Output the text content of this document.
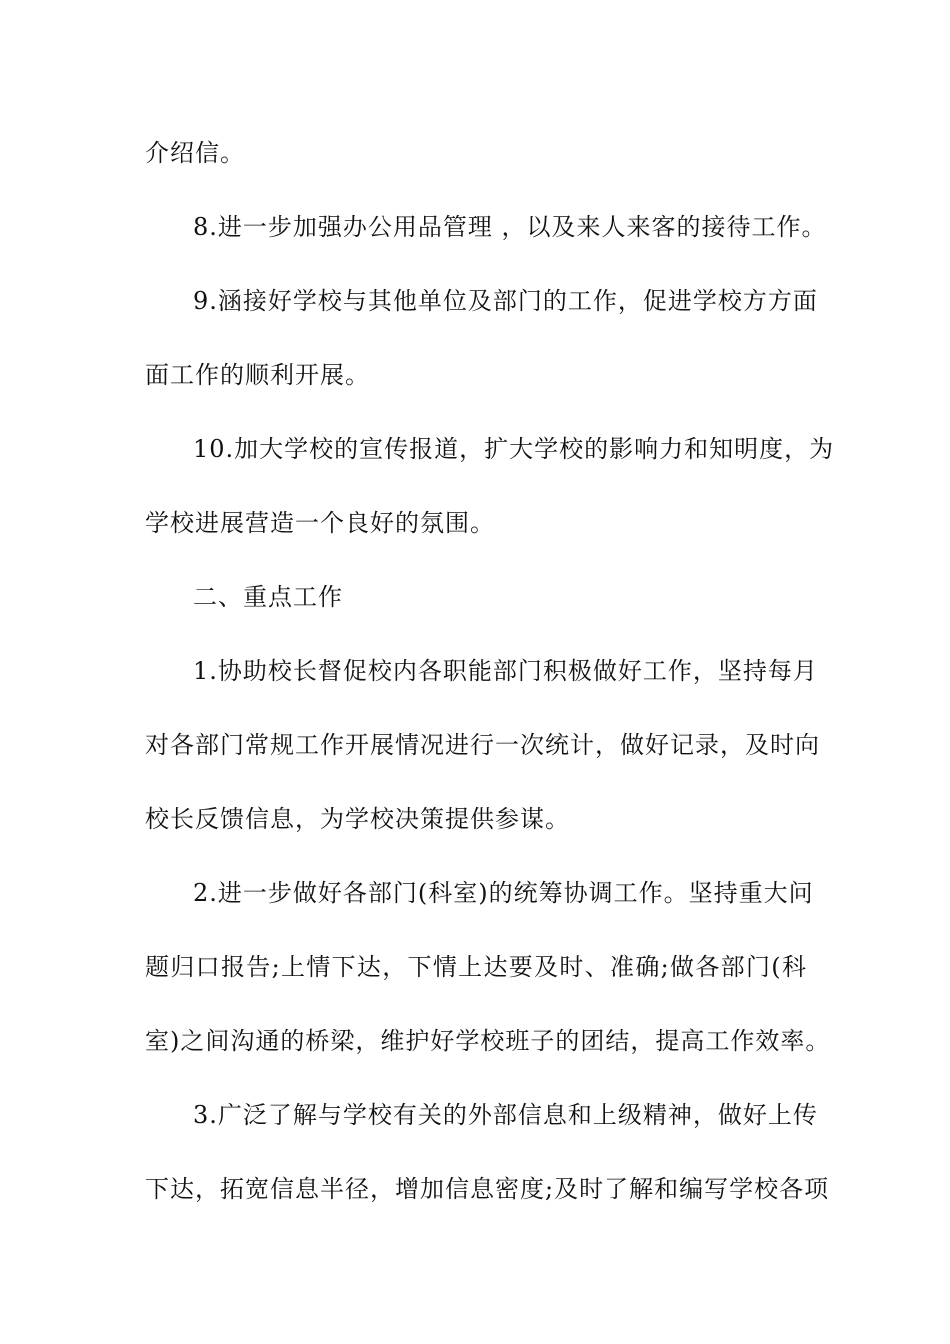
介绍信。
8.进一步加强办公用品管理 ，以及来人来客的接待工作。
9.涵接好学校与其他单位及部门的工作，促进学校方方面
面工作的顺利开展。
10.加大学校的宣传报道，扩大学校的影响力和知明度，为
学校进展营造一个良好的氛围。
二、重点工作
1.协助校长督促校内各职能部门积极做好工作，坚持每月
对各部门常规工作开展情况进行一次统计，做好记录，及时向
校长反馈信息，为学校决策提供参谋。
2.进一步做好各部门(科室)的统筹协调工作。坚持重大问
题归口报告;上情下达，下情上达要及时、准确;做各部门(科
室)之间沟通的桥梁，维护好学校班子的团结，提高工作效率。
3.广泛了解与学校有关的外部信息和上级精神，做好上传
下达，拓宽信息半径，增加信息密度;及时了解和编写学校各项
